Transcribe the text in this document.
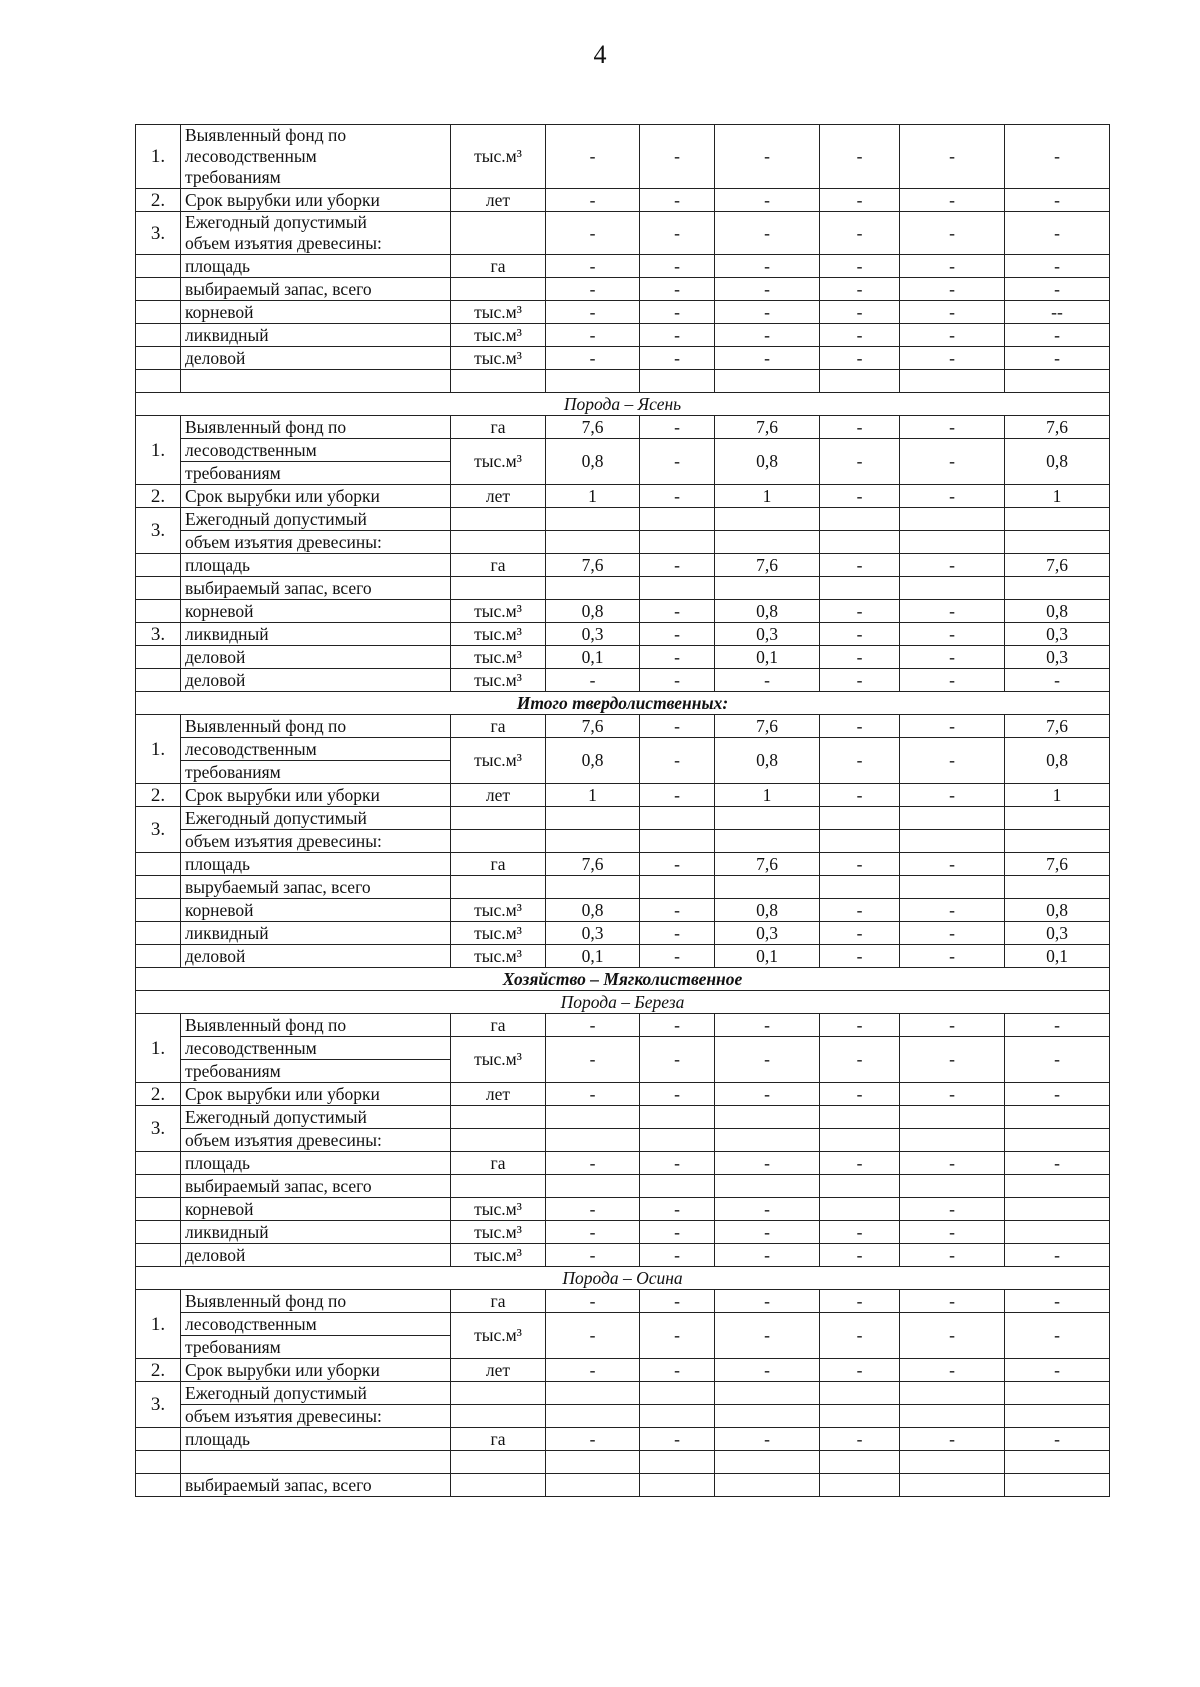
4
1.	Выявленный фонд по
лесоводственным
требованиям	тыс.м³	-	-	-	-	-	-
2.	Срок вырубки или уборки	лет	-	-	-	-	-	-
3.	Ежегодный допустимый
объем изъятия древесины:		-	-	-	-	-	-
	площадь	га	-	-	-	-	-	-
	выбираемый запас, всего		-	-	-	-	-	-
	корневой	тыс.м³	-	-	-	-	-	--
	ликвидный	тыс.м³	-	-	-	-	-	-
	деловой	тыс.м³	-	-	-	-	-	-

Порода – Ясень								
1.	Выявленный фонд по	га	7,6	-	7,6	-	-	7,6
	лесоводственным	тыс.м³	0,8	-	0,8	-	-	0,8
	требованиям							
2.	Срок вырубки или уборки	лет	1	-	1	-	-	1
3.	Ежегодный допустимый							
	объем изъятия древесины:							
	площадь	га	7,6	-	7,6	-	-	7,6
	выбираемый запас, всего							
	корневой	тыс.м³	0,8	-	0,8	-	-	0,8
3.	ликвидный	тыс.м³	0,3	-	0,3	-	-	0,3
	деловой	тыс.м³	0,1	-	0,1	-	-	0,3
	деловой	тыс.м³	-	-	-	-	-	-
Итого твердолиственных:								
1.	Выявленный фонд по	га	7,6	-	7,6	-	-	7,6
	лесоводственным	тыс.м³	0,8	-	0,8	-	-	0,8
	требованиям							
2.	Срок вырубки или уборки	лет	1	-	1	-	-	1
3.	Ежегодный допустимый							
	объем изъятия древесины:							
	площадь	га	7,6	-	7,6	-	-	7,6
	вырубаемый запас, всего							
	корневой	тыс.м³	0,8	-	0,8	-	-	0,8
	ликвидный	тыс.м³	0,3	-	0,3	-	-	0,3
	деловой	тыс.м³	0,1	-	0,1	-	-	0,1
Хозяйство – Мягколиственное								
Порода – Береза								
1.	Выявленный фонд по	га	-	-	-	-	-	-
	лесоводственным	тыс.м³	-	-	-	-	-	-
	требованиям							
2.	Срок вырубки или уборки	лет	-	-	-	-	-	-
3.	Ежегодный допустимый							
	объем изъятия древесины:							
	площадь	га	-	-	-	-	-	-
	выбираемый запас, всего							
	корневой	тыс.м³	-	-	-		-	
	ликвидный	тыс.м³	-	-	-	-	-	
	деловой	тыс.м³	-	-	-	-	-	-
Порода – Осина								
1.	Выявленный фонд по	га	-	-	-	-	-	-
	лесоводственным	тыс.м³	-	-	-	-	-	-
	требованиям							
2.	Срок вырубки или уборки	лет	-	-	-	-	-	-
3.	Ежегодный допустимый							
	объем изъятия древесины:							
	площадь	га	-	-	-	-	-	-

	выбираемый запас, всего							
